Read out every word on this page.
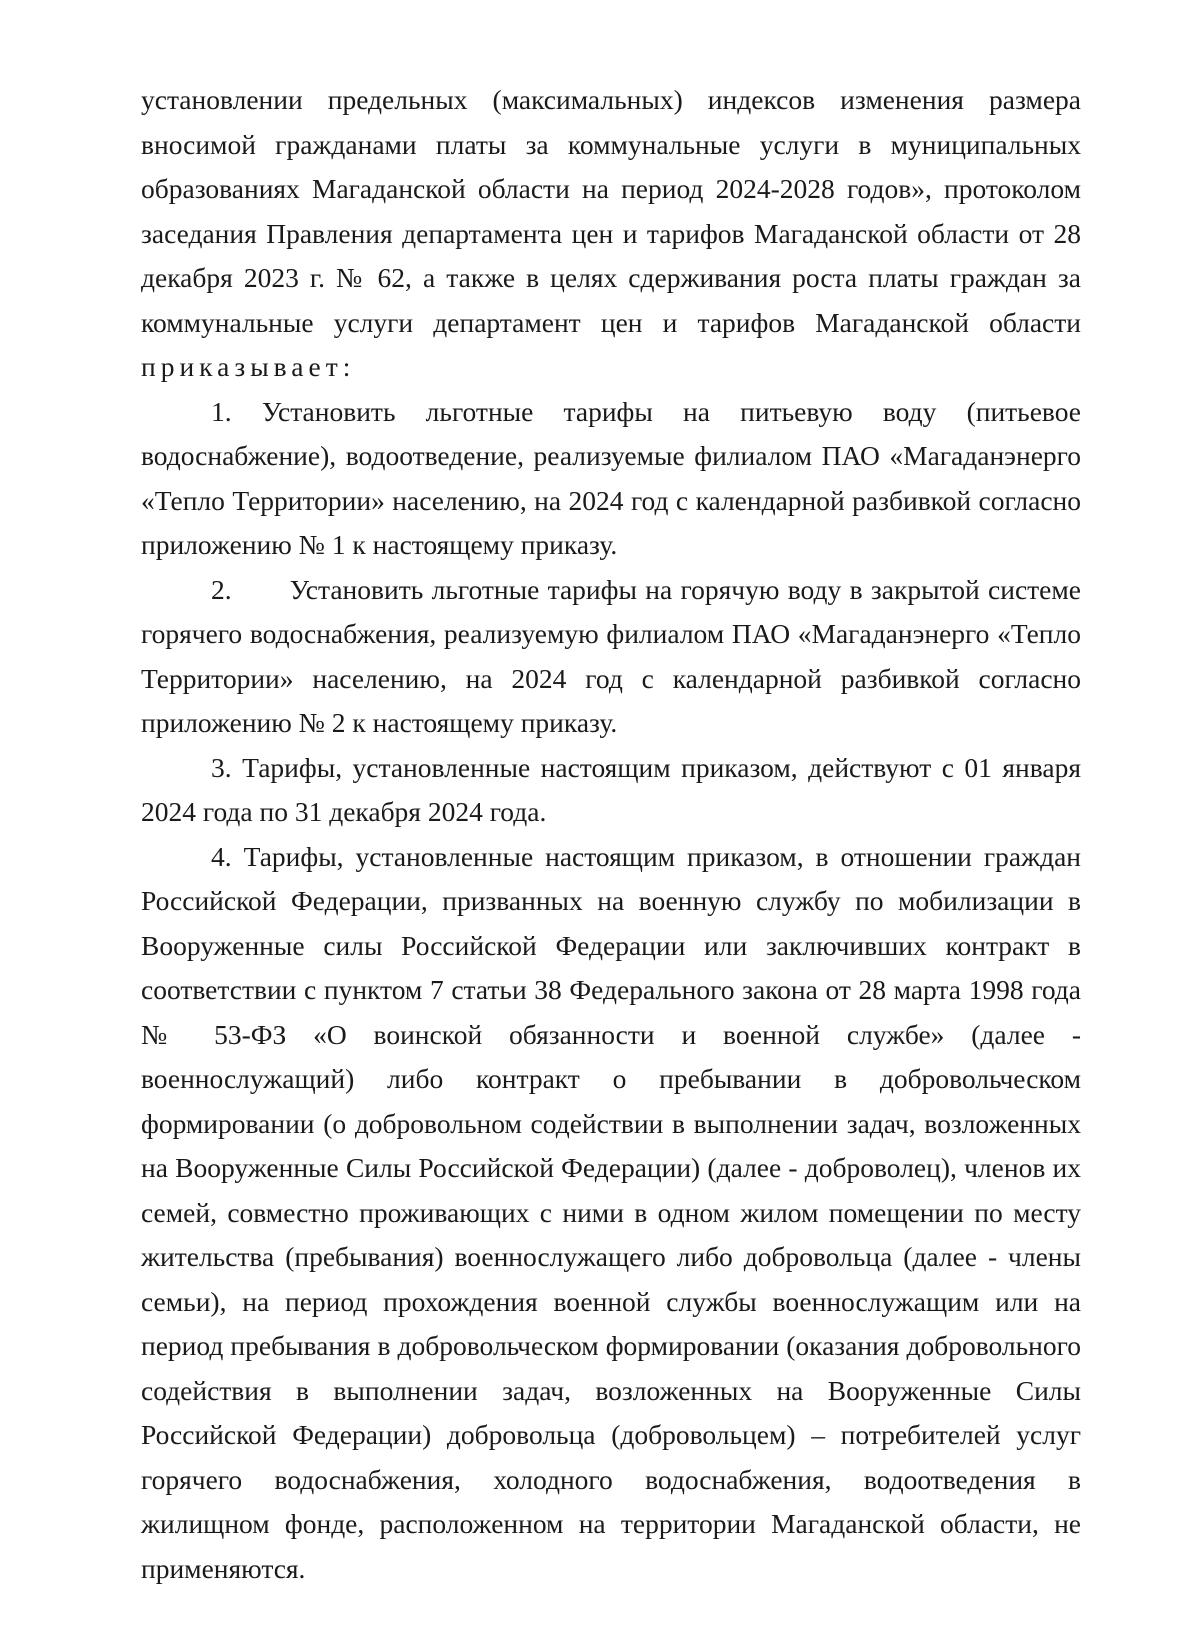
установлении предельных (максимальных) индексов изменения размера вносимой гражданами платы за коммунальные услуги в муниципальных образованиях Магаданской области на период 2024-2028 годов», протоколом заседания Правления департамента цен и тарифов Магаданской области от 28 декабря 2023 г. № 62, а также в целях сдерживания роста платы граждан за коммунальные услуги департамент цен и тарифов Магаданской области приказывает:

1. Установить льготные тарифы на питьевую воду (питьевое водоснабжение), водоотведение, реализуемые филиалом ПАО «Магаданэнерго «Тепло Территории» населению, на 2024 год с календарной разбивкой согласно приложению № 1 к настоящему приказу.

2. Установить льготные тарифы на горячую воду в закрытой системе горячего водоснабжения, реализуемую филиалом ПАО «Магаданэнерго «Тепло Территории» населению, на 2024 год с календарной разбивкой согласно приложению № 2 к настоящему приказу.

3. Тарифы, установленные настоящим приказом, действуют с 01 января 2024 года по 31 декабря 2024 года.

4. Тарифы, установленные настоящим приказом, в отношении граждан Российской Федерации, призванных на военную службу по мобилизации в Вооруженные силы Российской Федерации или заключивших контракт в соответствии с пунктом 7 статьи 38 Федерального закона от 28 марта 1998 года № 53-ФЗ «О воинской обязанности и военной службе» (далее - военнослужащий) либо контракт о пребывании в добровольческом формировании (о добровольном содействии в выполнении задач, возложенных на Вооруженные Силы Российской Федерации) (далее - доброволец), членов их семей, совместно проживающих с ними в одном жилом помещении по месту жительства (пребывания) военнослужащего либо добровольца (далее - члены семьи), на период прохождения военной службы военнослужащим или на период пребывания в добровольческом формировании (оказания добровольного содействия в выполнении задач, возложенных на Вооруженные Силы Российской Федерации) добровольца (добровольцем) – потребителей услуг горячего водоснабжения, холодного водоснабжения, водоотведения в жилищном фонде, расположенном на территории Магаданской области, не применяются.
